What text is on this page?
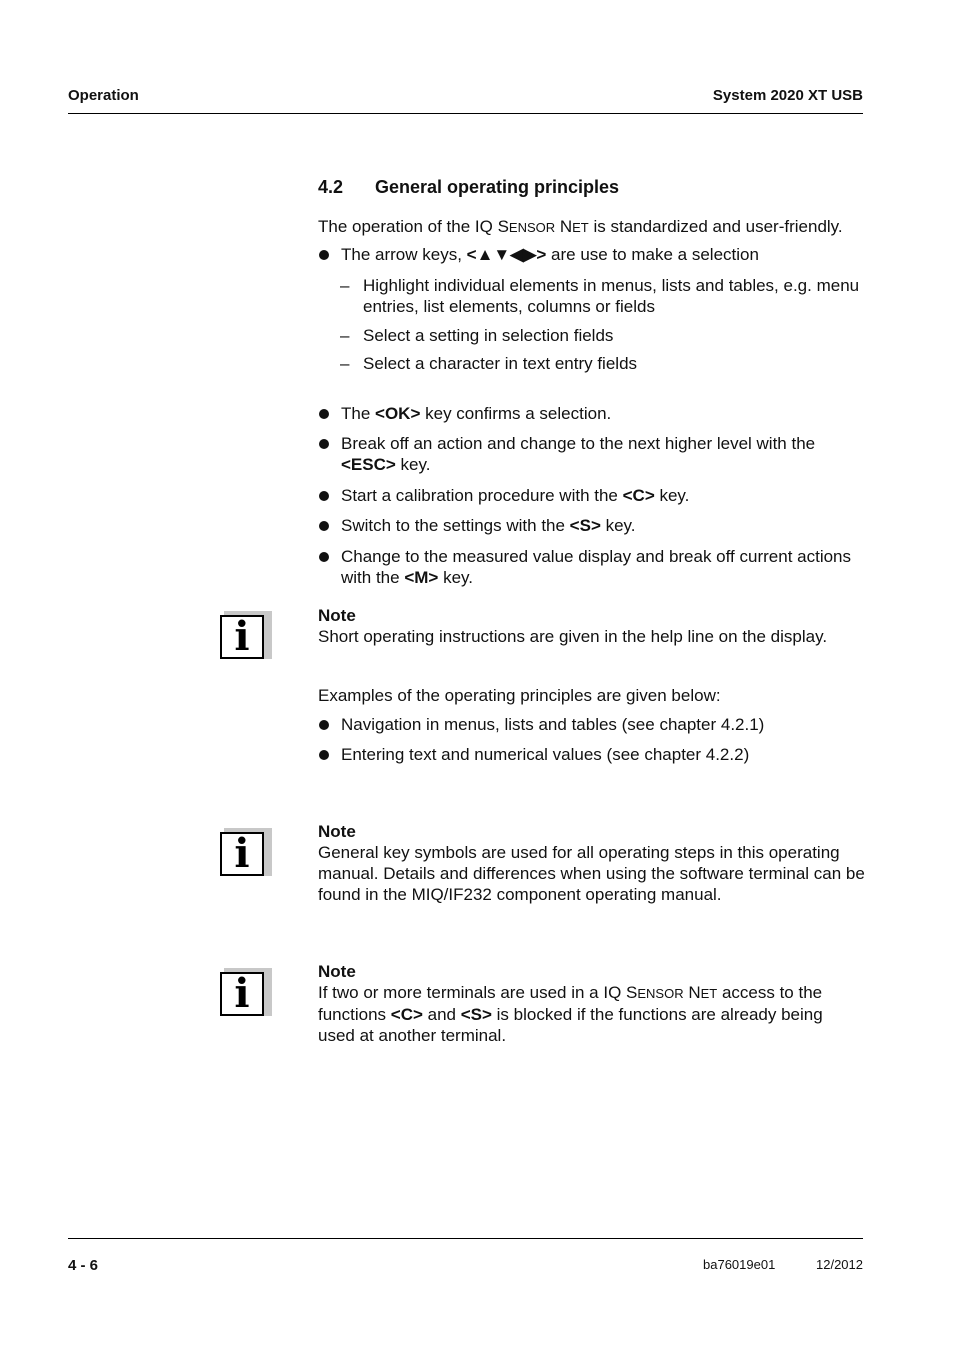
Operation	System 2020 XT USB
4.2 General operating principles
The operation of the IQ SENSOR NET is standardized and user-friendly.
The arrow keys, <▲▼◀▶> are use to make a selection
– Highlight individual elements in menus, lists and tables, e.g. menu entries, list elements, columns or fields
– Select a setting in selection fields
– Select a character in text entry fields
The <OK> key confirms a selection.
Break off an action and change to the next higher level with the <ESC> key.
Start a calibration procedure with the <C> key.
Switch to the settings with the <S> key.
Change to the measured value display and break off current actions with the <M> key.
i	Note
Short operating instructions are given in the help line on the display.
Examples of the operating principles are given below:
Navigation in menus, lists and tables (see chapter 4.2.1)
Entering text and numerical values (see chapter 4.2.2)
i	Note
General key symbols are used for all operating steps in this operating manual. Details and differences when using the software terminal can be found in the MIQ/IF232 component operating manual.
i	Note
If two or more terminals are used in a IQ SENSOR NET access to the functions <C> and <S> is blocked if the functions are already being used at another terminal.
4 - 6	ba76019e01	12/2012
